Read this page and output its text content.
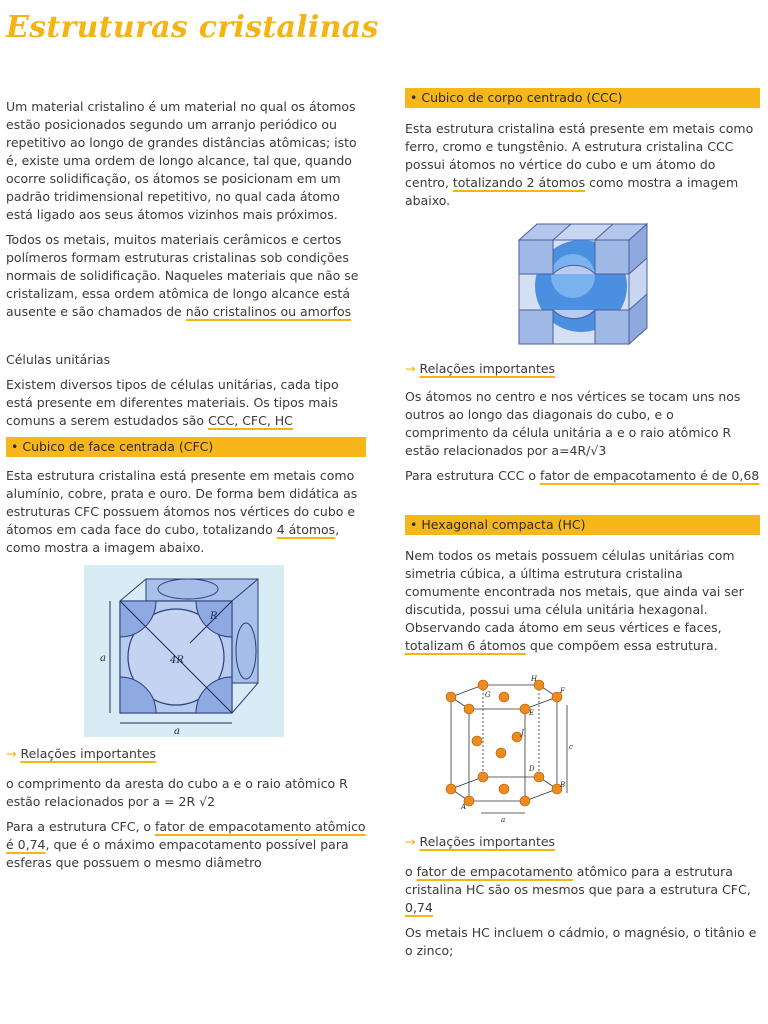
Estruturas cristalinas

Um material cristalino é um material no qual os átomos estão posicionados segundo um arranjo periódico ou repetitivo ao longo de grandes distâncias atômicas; isto é, existe uma ordem de longo alcance, tal que, quando ocorre solidificação, os átomos se posicionam em um padrão tridimensional repetitivo, no qual cada átomo está ligado aos seus átomos vizinhos mais próximos.

Todos os metais, muitos materiais cerâmicos e certos polímeros formam estruturas cristalinas sob condições normais de solidificação. Naqueles materiais que não se cristalizam, essa ordem atômica de longo alcance está ausente e são chamados de não cristalinos ou amorfos

Células unitárias

Existem diversos tipos de células unitárias, cada tipo está presente em diferentes materiais. Os tipos mais comuns a serem estudados são CCC, CFC, HC

• Cubico de face centrada (CFC)

Esta estrutura cristalina está presente em metais como alumínio, cobre, prata e ouro. De forma bem didática as estruturas CFC possuem átomos nos vértices do cubo e átomos em cada face do cubo, totalizando 4 átomos, como mostra a imagem abaixo.

a
a
4R
R

→ Relações importantes

o comprimento da aresta do cubo a e o raio atômico R estão relacionados por a = 2R √2

Para a estrutura CFC, o fator de empacotamento atômico é 0,74, que é o máximo empacotamento possível para esferas que possuem o mesmo diâmetro

• Cubico de corpo centrado (CCC)

Esta estrutura cristalina está presente em metais como ferro, cromo e tungstênio. A estrutura cristalina CCC possui átomos no vértice do cubo e um átomo do centro, totalizando 2 átomos como mostra a imagem abaixo.

→ Relações importantes

Os átomos no centro e nos vértices se tocam uns nos outros ao longo das diagonais do cubo, e o comprimento da célula unitária a e o raio atômico R estão relacionados por a=4R/√3

Para estrutura CCC o fator de empacotamento é de 0,68

• Hexagonal compacta (HC)

Nem todos os metais possuem células unitárias com simetria cúbica, a última estrutura cristalina comumente encontrada nos metais, que ainda vai ser discutida, possui uma célula unitária hexagonal. Observando cada átomo em seus vértices e faces, totalizam 6 átomos que compõem essa estrutura.

H
G	F
E
J
D
B
A
c
a

→ Relações importantes

o fator de empacotamento atômico para a estrutura cristalina HC são os mesmos que para a estrutura CFC, 0,74

Os metais HC incluem o cádmio, o magnésio, o titânio e o zinco;
